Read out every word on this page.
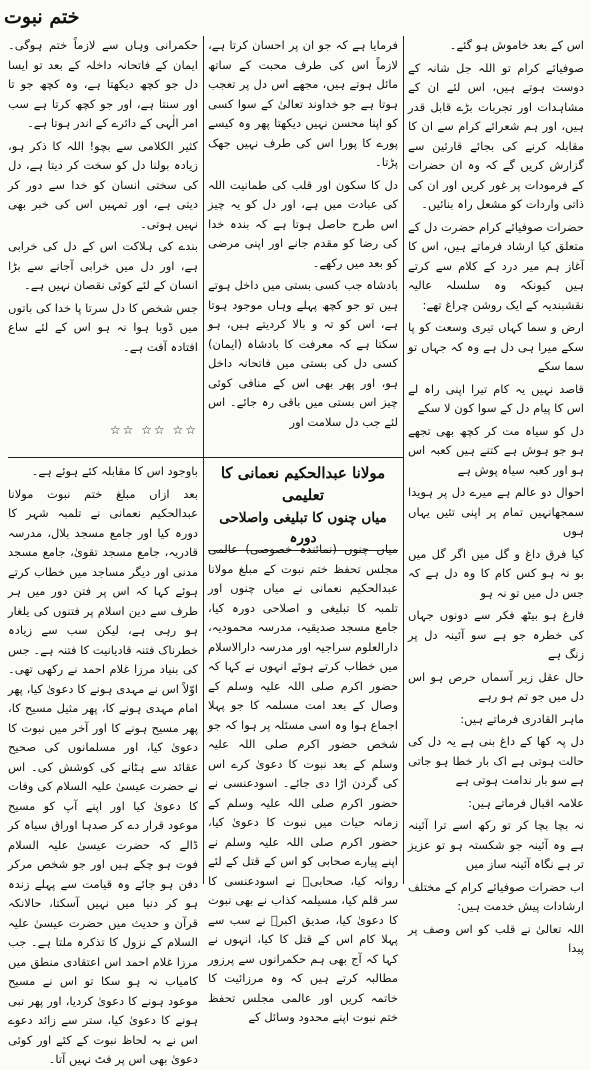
ختم نبوت

اس کے بعد خاموش ہو گئے۔

صوفیائے کرام تو اللہ جل شانہ کے دوست ہوتے ہیں، اس لئے ان کے مشاہدات اور تجربات بڑے قابل قدر ہیں، اور ہم شعرائے کرام سے ان کا مقابلہ کرنے کی بجائے قارئین سے گزارش کریں گے کہ وہ ان حضرات کے فرمودات پر غور کریں اور ان کی ذاتی واردات کو مشعل راہ بنائیں۔

حضرات صوفیائے کرام حضرت دل کے متعلق کیا ارشاد فرماتے ہیں، اس کا آغاز ہم میر درد کے کلام سے کرتے ہیں کیونکہ وہ سلسلہ عالیہ نقشبندیہ کے ایک روشن چراغ تھے:

ارض و سما کہاں تیری وسعت کو پا سکے میرا ہی دل ہے وہ کہ جہاں تو سما سکے

قاصد نہیں یہ کام تیرا اپنی راہ لے اس کا پیام دل کے سوا کون لا سکے

دل کو سیاہ مت کر کچھ بھی تجھے ہو جو ہوش ہے کتنے ہیں کعبہ اس ہو اور کعبہ سیاہ پوش ہے

احوال دو عالم ہے میرے دل پر ہویدا سمجھانہیں تمام پر اپنی تئیں یہاں ہوں

کیا فرق داغ و گل میں اگر گل میں بو نہ ہو کس کام کا وہ دل ہے کہ جس دل میں تو نہ ہو

فارغ ہو بیٹھ فکر سے دونوں جہاں کی خطرہ جو ہے سو آئینہ دل پر زنگ ہے

حال عقل زیر آسماں حرص ہو اس دل میں جو تم ہو رہے

ماہر القادری فرماتے ہیں:

دل پہ کھا کے داغ بنی ہے یہ دل کی حالت ہوتی ہے اک بار خطا ہو جاتی ہے سو بار ندامت ہوتی ہے

علامہ اقبال فرماتے ہیں:

نہ بچا بچا کر تو رکھ اسے ترا آئینہ ہے وہ آئینہ جو شکستہ ہو تو عزیز تر ہے نگاہ آئینہ ساز میں

اب حضرات صوفیائے کرام کے مختلف ارشادات پیش خدمت ہیں:

اللہ تعالیٰ نے قلب کو اس وصف پر پیدا

فرمایا ہے کہ جو ان پر احسان کرتا ہے، لازماً اس کی طرف محبت کے ساتھ مائل ہوتے ہیں، مجھے اس دل پر تعجب ہوتا ہے جو خداوند تعالیٰ کے سوا کسی کو اپنا محسن نہیں دیکھتا پھر وہ کیسے پورے کا پورا اس کی طرف نہیں جھک پڑتا۔

دل کا سکون اور قلب کی طمانیت اللہ کی عبادت میں ہے، اور دل کو یہ چیز اس طرح حاصل ہوتا ہے کہ بندہ خدا کی رضا کو مقدم جانے اور اپنی مرضی کو بعد میں رکھے۔

بادشاہ جب کسی بستی میں داخل ہوتے ہیں تو جو کچھ پہلے وہاں موجود ہوتا ہے، اس کو تہ و بالا کردیتے ہیں، ہو سکتا ہے کہ معرفت کا بادشاہ (ایمان) کسی دل کی بستی میں فاتحانہ داخل ہو، اور پھر بھی اس کے منافی کوئی چیز اس بستی میں باقی رہ جائے۔ اس لئے جب دل سلامت اور

حکمرانی وہاں سے لازماً ختم ہوگی۔ ایمان کے فاتحانہ داخلہ کے بعد تو ایسا دل جو کچھ دیکھتا ہے، وہ کچھ جو تا اور سنتا ہے، اور جو کچھ کرتا ہے سب امر الٰہی کے دائرے کے اندر ہوتا ہے۔

کثیر الکلامی سے بچو! اللہ کا ذکر ہو، زیادہ بولنا دل کو سخت کر دیتا ہے، دل کی سختی انسان کو خدا سے دور کر دیتی ہے، اور تمہیں اس کی خبر بھی نہیں ہوتی۔

بندے کی ہلاکت اس کے دل کی خرابی ہے، اور دل میں خرابی آجانے سے بڑا انسان کے لئے کوئی نقصان نہیں ہے۔

جس شخص کا دل سرتا پا خدا کی باتوں میں ڈوبا ہوا نہ ہو اس کے لئے ساع افتادہ آفت ہے۔

☆☆ ☆☆ ☆☆
مولانا عبدالحکیم نعمانی کا تعلیمی
میاں چنوں کا تبلیغی واصلاحی دورہ

میاں چنوں (نمائندہ خصوصی) عالمی مجلس تحفظ ختم نبوت کے مبلغ مولانا عبدالحکیم نعمانی نے میاں چنوں اور تلمبہ کا تبلیغی و اصلاحی دورہ کیا، جامع مسجد صدیقیہ، مدرسہ محمودیہ، دارالعلوم سراجیہ اور مدرسہ دارالاسلام میں خطاب کرتے ہوئے انہوں نے کہا کہ حضور اکرم صلی اللہ علیہ وسلم کے وصال کے بعد امت مسلمہ کا جو پہلا اجماع ہوا وہ اسی مسئلہ پر ہوا کہ جو شخص حضور اکرم صلی اللہ علیہ وسلم کے بعد نبوت کا دعویٰ کرے اس کی گردن اڑا دی جائے۔ اسودعنسی نے حضور اکرم صلی اللہ علیہ وسلم کے زمانہ حیات میں نبوت کا دعویٰ کیا، حضور اکرم صلی اللہ علیہ وسلم نے اپنے پیارے صحابی کو اس کے قتل کے لئے روانہ کیا، صحابیؓ نے اسودعنسی کا سر قلم کیا، مسیلمہ کذاب نے بھی نبوت کا دعویٰ کیا، صدیق اکبرؓ نے سب سے پہلا کام اس کے قتل کا کیا، انہوں نے کہا کہ آج بھی ہم حکمرانوں سے پرزور مطالبہ کرتے ہیں کہ وہ مرزائیت کا خاتمہ کریں اور عالمی مجلس تحفظ ختم نبوت اپنے محدود وسائل کے

باوجود اس کا مقابلہ کئے ہوئے ہے۔

بعد ازاں مبلغ ختم نبوت مولانا عبدالحکیم نعمانی نے تلمبہ شہر کا دورہ کیا اور جامع مسجد بلال، مدرسہ قادریہ، جامع مسجد تقویٰ، جامع مسجد مدنی اور دیگر مساجد میں خطاب کرتے ہوئے کہا کہ اس پر فتن دور میں ہر طرف سے دین اسلام پر فتنوں کی یلغار ہو رہی ہے، لیکن سب سے زیادہ خطرناک فتنہ قادیانیت کا فتنہ ہے۔ جس کی بنیاد مرزا غلام احمد نے رکھی تھی۔ اوّلاً اس نے مہدی ہونے کا دعویٰ کیا، پھر امام مہدی ہونے کا، پھر مثیل مسیح کا، پھر مسیح ہونے کا اور آخر میں نبوت کا دعویٰ کیا، اور مسلمانوں کی صحیح عقائد سے ہٹانے کی کوشش کی۔ اس نے حضرت عیسیٰ علیہ السلام کی وفات کا دعویٰ کیا اور اپنے آپ کو مسیح موعود قرار دے کر صدہا اوراق سیاہ کر ڈالے کہ حضرت عیسیٰ علیہ السلام فوت ہو چکے ہیں اور جو شخص مرکر دفن ہو جائے وہ قیامت سے پہلے زندہ ہو کر دنیا میں نہیں آسکتا، حالانکہ قرآن و حدیث میں حضرت عیسیٰ علیہ السلام کے نزول کا تذکرہ ملتا ہے۔ جب مرزا غلام احمد اس اعتقادی منطق میں کامیاب نہ ہو سکا تو اس نے مسیح موعود ہونے کا دعویٰ کردیا، اور پھر نبی ہونے کا دعویٰ کیا، ستر سے زائد دعوے اس نے بہ لحاظ نبوت کے کئے اور کوئی دعویٰ بھی اس پر فٹ نہیں آتا۔
